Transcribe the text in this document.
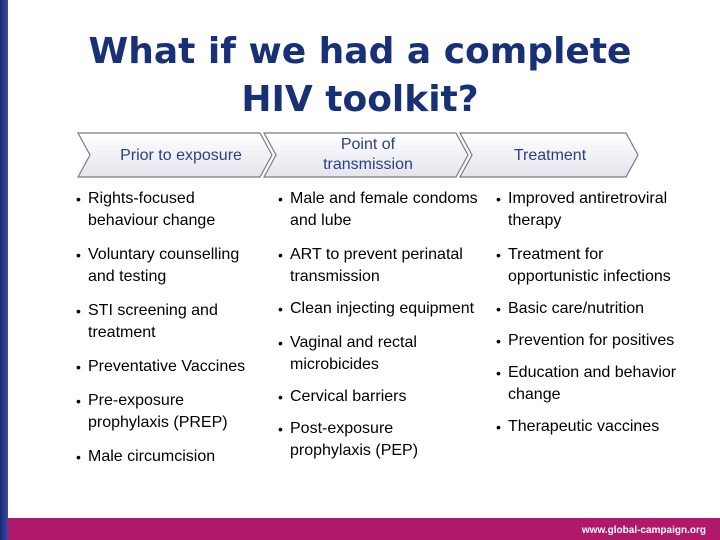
What if we had a complete
HIV toolkit?
Prior to exposure
Point of transmission
Treatment
• Rights-focused behaviour change
• Voluntary counselling and testing
• STI screening and treatment
• Preventative Vaccines
• Pre-exposure prophylaxis (PREP)
• Male circumcision
• Male and female condoms and lube
• ART to prevent perinatal transmission
• Clean injecting equipment
• Vaginal and rectal microbicides
• Cervical barriers
• Post-exposure prophylaxis (PEP)
• Improved antiretroviral therapy
• Treatment for opportunistic infections
• Basic care/nutrition
• Prevention for positives
• Education and behavior change
• Therapeutic vaccines
www.global-campaign.org
